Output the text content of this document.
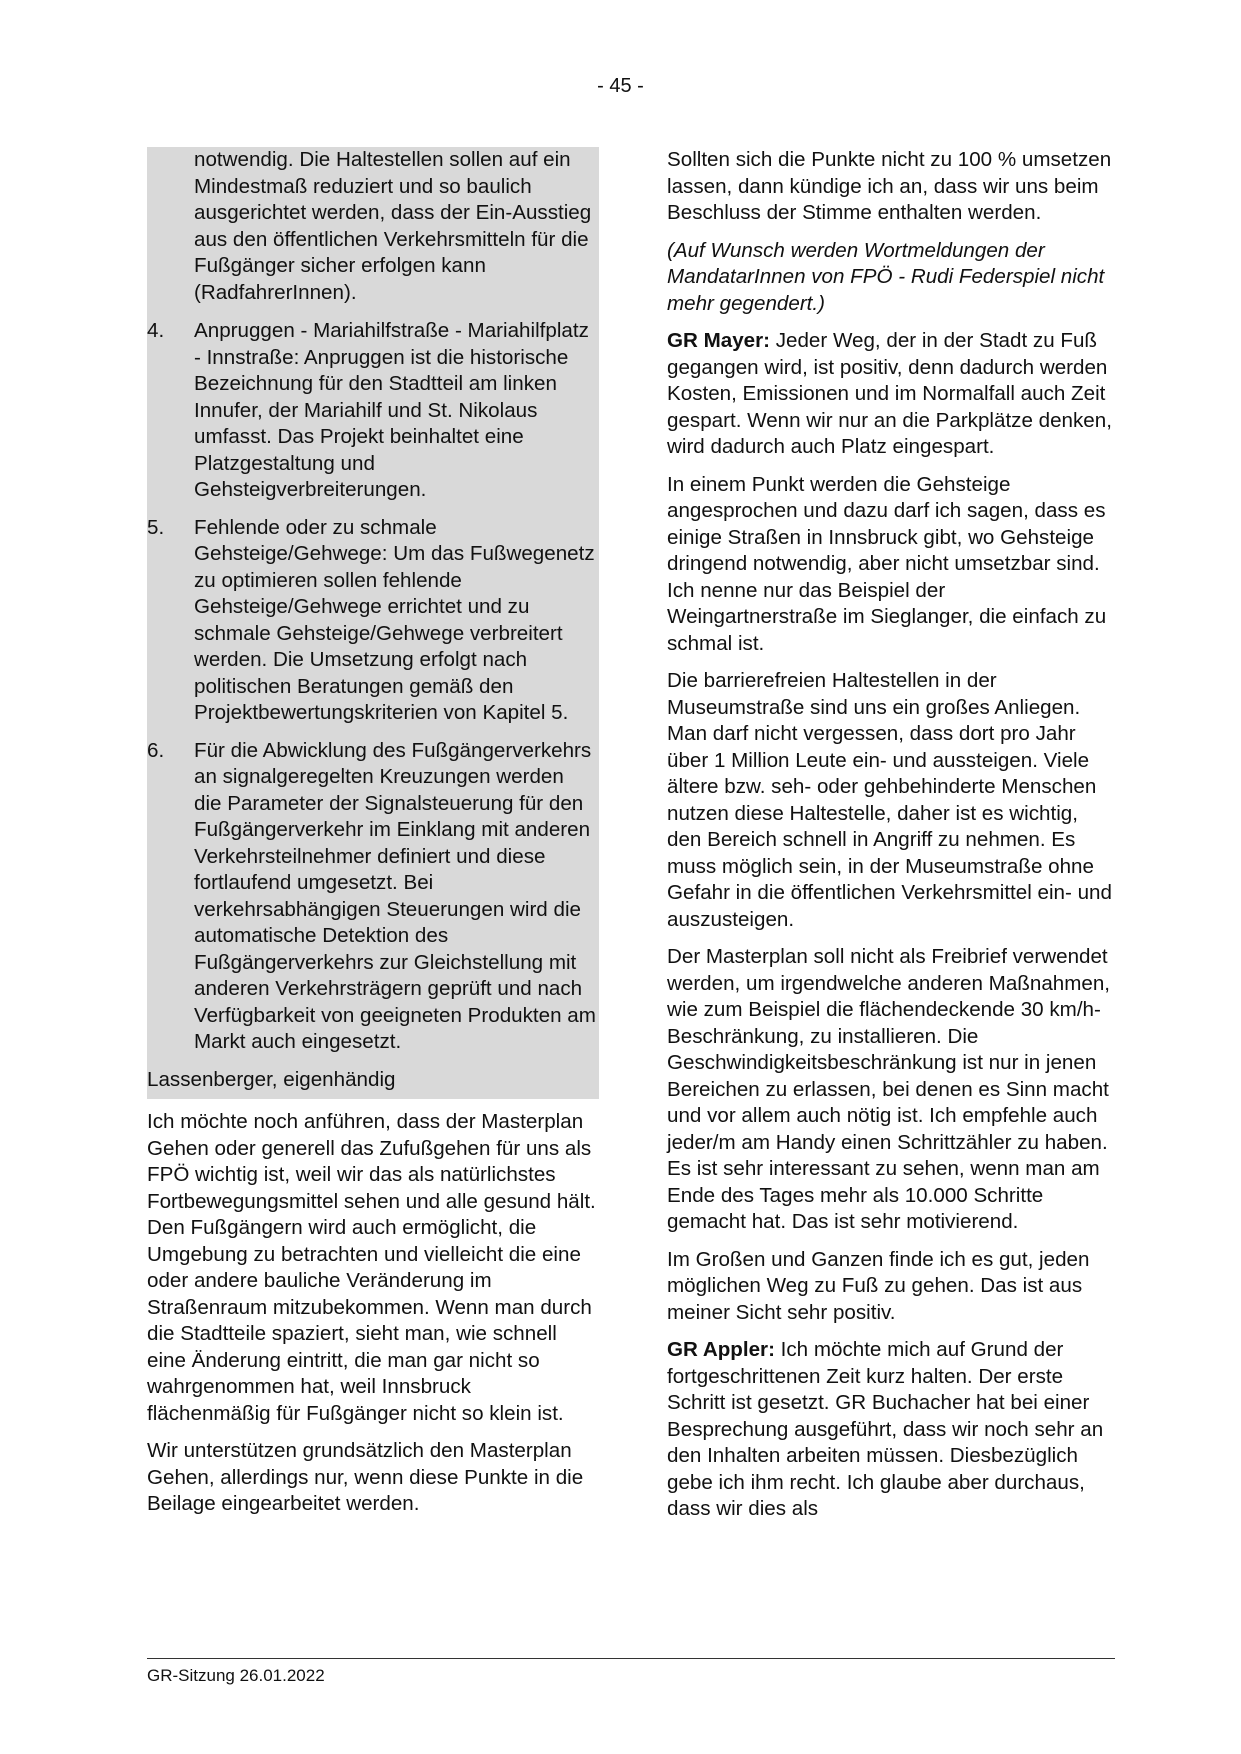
- 45 -
notwendig. Die Haltestellen sollen auf ein Mindestmaß reduziert und so baulich ausgerichtet werden, dass der Ein-Ausstieg aus den öffentlichen Verkehrsmitteln für die Fußgänger sicher erfolgen kann (RadfahrerInnen).
4.	Anpruggen - Mariahilfstraße - Mariahilfplatz - Innstraße: Anpruggen ist die historische Bezeichnung für den Stadtteil am linken Innufer, der Mariahilf und St. Nikolaus umfasst. Das Projekt beinhaltet eine Platzgestaltung und Gehsteigverbreiterungen.
5.	Fehlende oder zu schmale Gehsteige/Gehwege: Um das Fußwegenetz zu optimieren sollen fehlende Gehsteige/Gehwege errichtet und zu schmale Gehsteige/Gehwege verbreitert werden. Die Umsetzung erfolgt nach politischen Beratungen gemäß den Projektbewertungskriterien von Kapitel 5.
6.	Für die Abwicklung des Fußgängerverkehrs an signalgeregelten Kreuzungen werden die Parameter der Signalsteuerung für den Fußgängerverkehr im Einklang mit anderen Verkehrsteilnehmer definiert und diese fortlaufend umgesetzt. Bei verkehrsabhängigen Steuerungen wird die automatische Detektion des Fußgängerverkehrs zur Gleichstellung mit anderen Verkehrsträgern geprüft und nach Verfügbarkeit von geeigneten Produkten am Markt auch eingesetzt.
Lassenberger, eigenhändig

Ich möchte noch anführen, dass der Masterplan Gehen oder generell das Zufußgehen für uns als FPÖ wichtig ist, weil wir das als natürlichstes Fortbewegungsmittel sehen und alle gesund hält. Den Fußgängern wird auch ermöglicht, die Umgebung zu betrachten und vielleicht die eine oder andere bauliche Veränderung im Straßenraum mitzubekommen. Wenn man durch die Stadtteile spaziert, sieht man, wie schnell eine Änderung eintritt, die man gar nicht so wahrgenommen hat, weil Innsbruck flächenmäßig für Fußgänger nicht so klein ist.

Wir unterstützen grundsätzlich den Masterplan Gehen, allerdings nur, wenn diese Punkte in die Beilage eingearbeitet werden.

Sollten sich die Punkte nicht zu 100 % umsetzen lassen, dann kündige ich an, dass wir uns beim Beschluss der Stimme enthalten werden.

(Auf Wunsch werden Wortmeldungen der MandatarInnen von FPÖ - Rudi Federspiel nicht mehr gegendert.)

GR Mayer: Jeder Weg, der in der Stadt zu Fuß gegangen wird, ist positiv, denn dadurch werden Kosten, Emissionen und im Normalfall auch Zeit gespart. Wenn wir nur an die Parkplätze denken, wird dadurch auch Platz eingespart.

In einem Punkt werden die Gehsteige angesprochen und dazu darf ich sagen, dass es einige Straßen in Innsbruck gibt, wo Gehsteige dringend notwendig, aber nicht umsetzbar sind. Ich nenne nur das Beispiel der Weingartnerstraße im Sieglanger, die einfach zu schmal ist.

Die barrierefreien Haltestellen in der Museumstraße sind uns ein großes Anliegen. Man darf nicht vergessen, dass dort pro Jahr über 1 Million Leute ein- und aussteigen. Viele ältere bzw. seh- oder gehbehinderte Menschen nutzen diese Haltestelle, daher ist es wichtig, den Bereich schnell in Angriff zu nehmen. Es muss möglich sein, in der Museumstraße ohne Gefahr in die öffentlichen Verkehrsmittel ein- und auszusteigen.

Der Masterplan soll nicht als Freibrief verwendet werden, um irgendwelche anderen Maßnahmen, wie zum Beispiel die flächendeckende 30 km/h-Beschränkung, zu installieren. Die Geschwindigkeitsbeschränkung ist nur in jenen Bereichen zu erlassen, bei denen es Sinn macht und vor allem auch nötig ist. Ich empfehle auch jeder/m am Handy einen Schrittzähler zu haben. Es ist sehr interessant zu sehen, wenn man am Ende des Tages mehr als 10.000 Schritte gemacht hat. Das ist sehr motivierend.

Im Großen und Ganzen finde ich es gut, jeden möglichen Weg zu Fuß zu gehen. Das ist aus meiner Sicht sehr positiv.

GR Appler: Ich möchte mich auf Grund der fortgeschrittenen Zeit kurz halten. Der erste Schritt ist gesetzt. GR Buchacher hat bei einer Besprechung ausgeführt, dass wir noch sehr an den Inhalten arbeiten müssen. Diesbezüglich gebe ich ihm recht. Ich glaube aber durchaus, dass wir dies als

GR-Sitzung 26.01.2022
